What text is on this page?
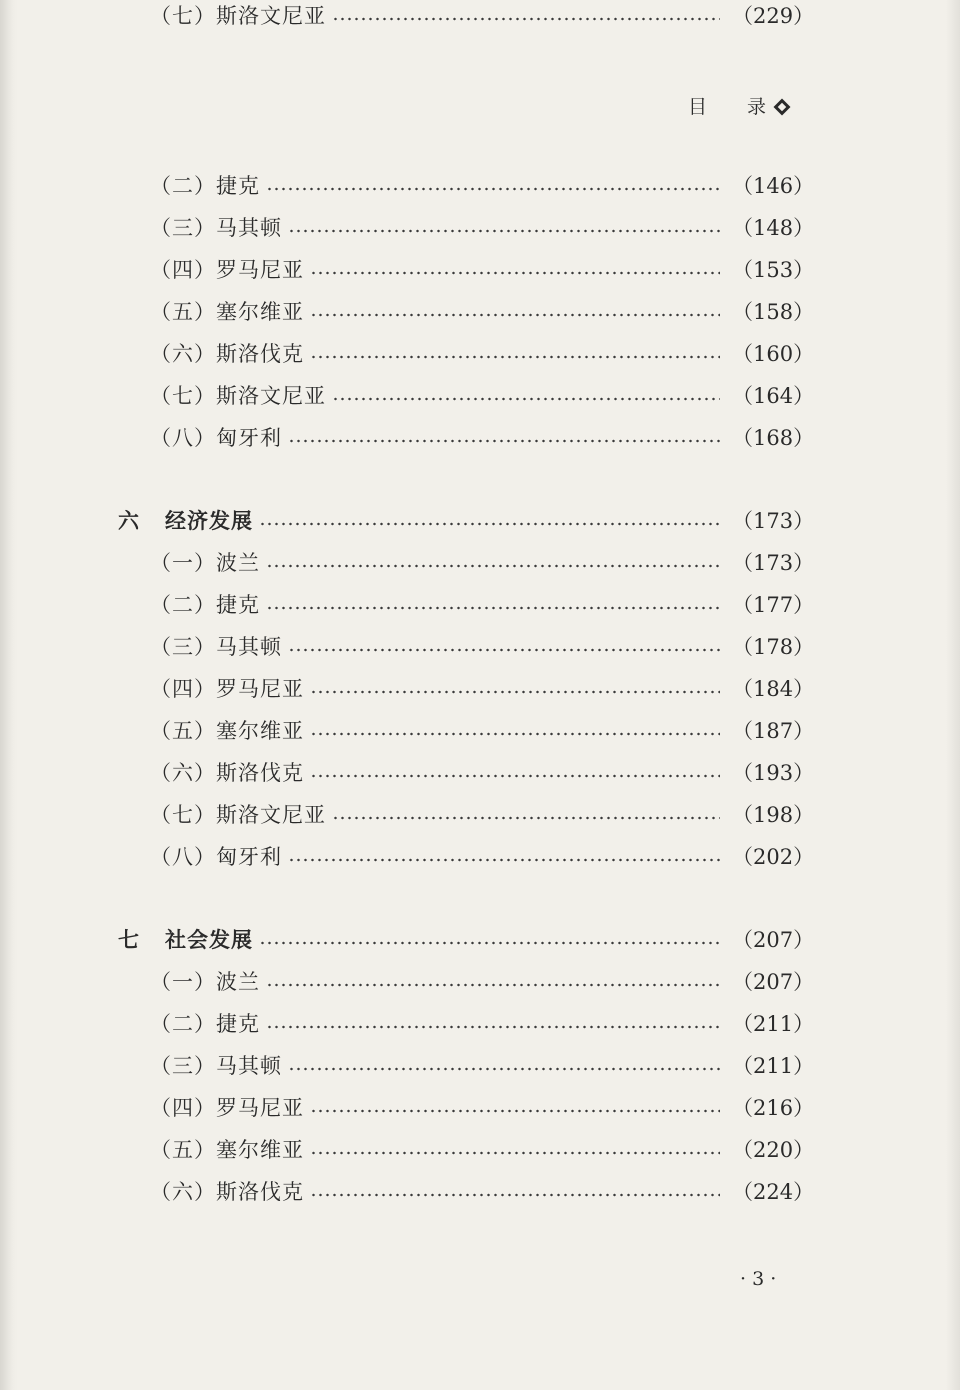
目 录
（二） 捷克	（146）
（三） 马其顿	（148）
（四） 罗马尼亚	（153）
（五） 塞尔维亚	（158）
（六） 斯洛伐克	（160）
（七） 斯洛文尼亚	（164）
（八） 匈牙利	（168）
六 经济发展	（173）
（一） 波兰	（173）
（二） 捷克	（177）
（三） 马其顿	（178）
（四） 罗马尼亚	（184）
（五） 塞尔维亚	（187）
（六） 斯洛伐克	（193）
（七） 斯洛文尼亚	（198）
（八） 匈牙利	（202）
七 社会发展	（207）
（一） 波兰	（207）
（二） 捷克	（211）
（三） 马其顿	（211）
（四） 罗马尼亚	（216）
（五） 塞尔维亚	（220）
（六） 斯洛伐克	（224）
（七） 斯洛文尼亚	（229）
· 3 ·
